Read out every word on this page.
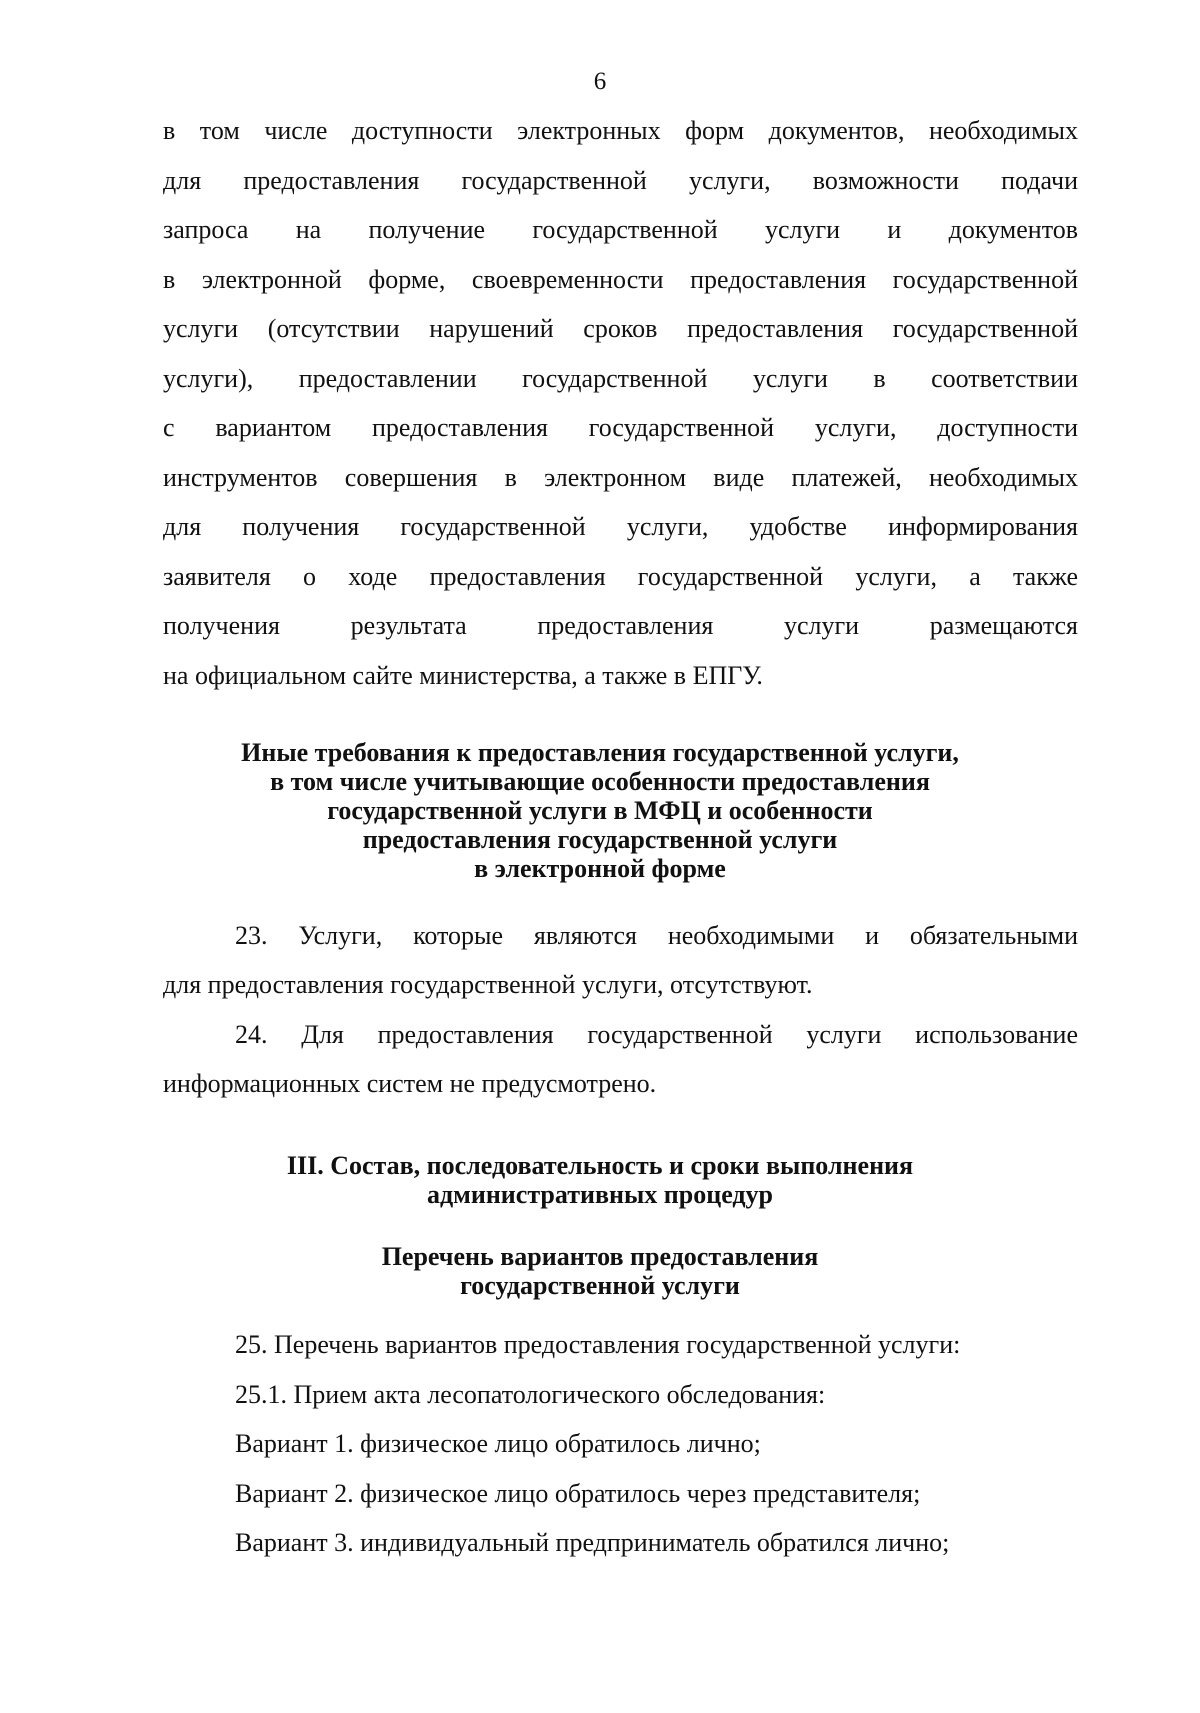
6
в том числе доступности электронных форм документов, необходимых
для предоставления государственной услуги, возможности подачи
запроса на получение государственной услуги и документов
в электронной форме, своевременности предоставления государственной
услуги (отсутствии нарушений сроков предоставления государственной
услуги), предоставлении государственной услуги в соответствии
с вариантом предоставления государственной услуги, доступности
инструментов совершения в электронном виде платежей, необходимых
для получения государственной услуги, удобстве информирования
заявителя о ходе предоставления государственной услуги, а также
получения результата предоставления услуги размещаются
на официальном сайте министерства, а также в ЕПГУ.
Иные требования к предоставления государственной услуги,
в том числе учитывающие особенности предоставления
государственной услуги в МФЦ и особенности
предоставления государственной услуги
в электронной форме
23. Услуги, которые являются необходимыми и обязательными
для предоставления государственной услуги, отсутствуют.
24. Для предоставления государственной услуги использование
информационных систем не предусмотрено.
III. Состав, последовательность и сроки выполнения
административных процедур
Перечень вариантов предоставления
государственной услуги
25. Перечень вариантов предоставления государственной услуги:
25.1. Прием акта лесопатологического обследования:
Вариант 1. физическое лицо обратилось лично;
Вариант 2. физическое лицо обратилось через представителя;
Вариант 3. индивидуальный предприниматель обратился лично;
